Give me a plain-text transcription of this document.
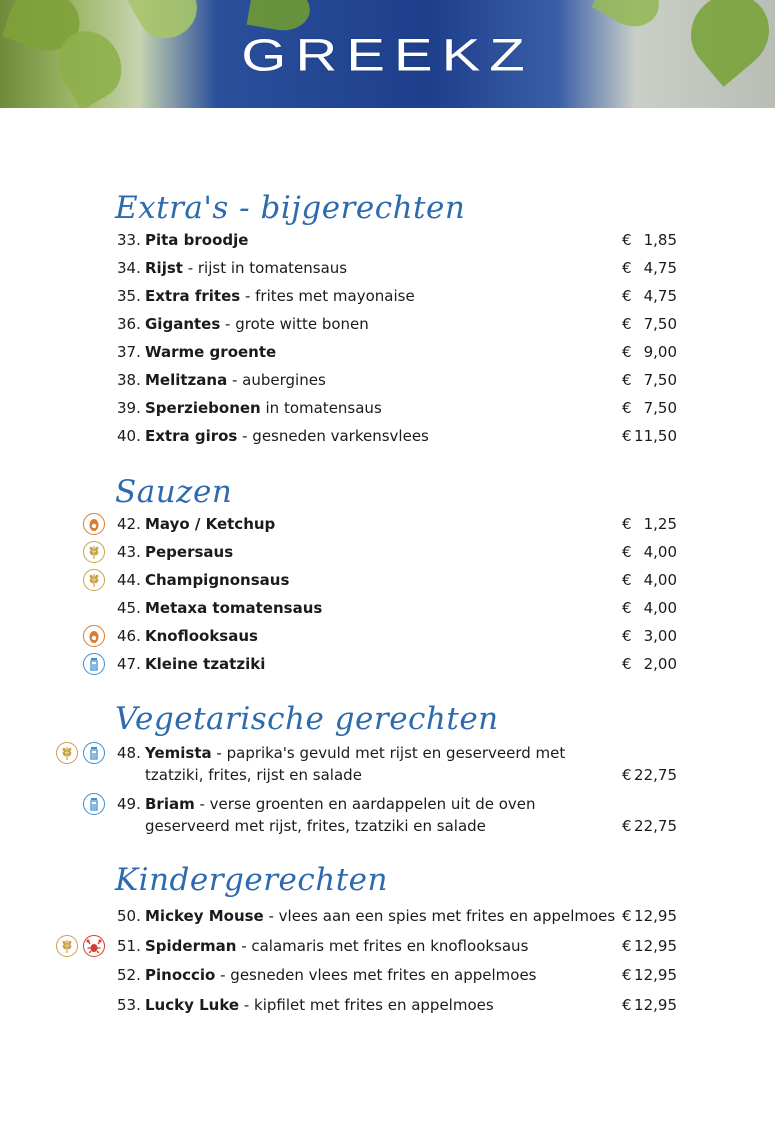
GREEKZ
Extra's - bijgerechten
33. Pita broodje	€ 1,85
34. Rijst - rijst in tomatensaus	€ 4,75
35. Extra frites - frites met mayonaise	€ 4,75
36. Gigantes - grote witte bonen	€ 7,50
37. Warme groente	€ 9,00
38. Melitzana - aubergines	€ 7,50
39. Sperziebonen in tomatensaus	€ 7,50
40. Extra giros - gesneden varkensvlees	€ 11,50
Sauzen
42. Mayo / Ketchup	€ 1,25
43. Pepersaus	€ 4,00
44. Champignonsaus	€ 4,00
45. Metaxa tomatensaus	€ 4,00
46. Knoflooksaus	€ 3,00
47. Kleine tzatziki	€ 2,00
Vegetarische gerechten
48. Yemista - paprika's gevuld met rijst en geserveerd met
tzatziki, frites, rijst en salade	€ 22,75
49. Briam - verse groenten en aardappelen uit de oven
geserveerd met rijst, frites, tzatziki en salade	€ 22,75
Kindergerechten
50. Mickey Mouse - vlees aan een spies met frites en appelmoes € 12,95
51. Spiderman - calamaris met frites en knoflooksaus	€ 12,95
52. Pinoccio - gesneden vlees met frites en appelmoes	€ 12,95
53. Lucky Luke - kipfilet met frites en appelmoes	€ 12,95
